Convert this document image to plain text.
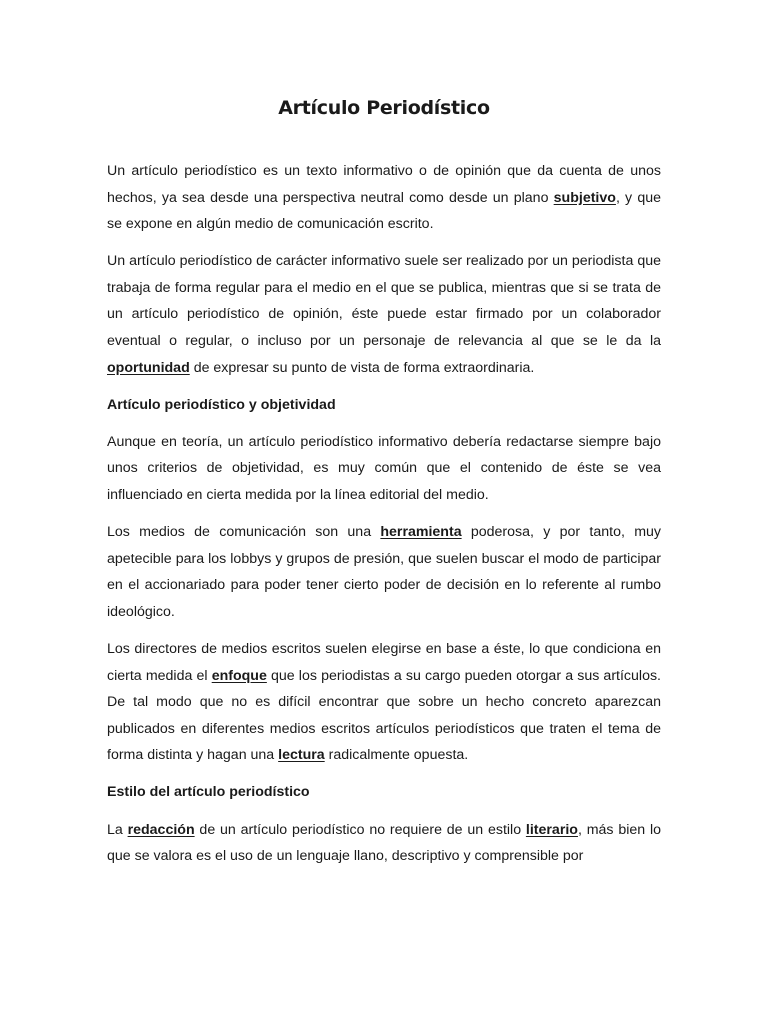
Artículo Periodístico

Un artículo periodístico es un texto informativo o de opinión que da cuenta de unos hechos, ya sea desde una perspectiva neutral como desde un plano subjetivo, y que se expone en algún medio de comunicación escrito.

Un artículo periodístico de carácter informativo suele ser realizado por un periodista que trabaja de forma regular para el medio en el que se publica, mientras que si se trata de un artículo periodístico de opinión, éste puede estar firmado por un colaborador eventual o regular, o incluso por un personaje de relevancia al que se le da la oportunidad de expresar su punto de vista de forma extraordinaria.

Artículo periodístico y objetividad

Aunque en teoría, un artículo periodístico informativo debería redactarse siempre bajo unos criterios de objetividad, es muy común que el contenido de éste se vea influenciado en cierta medida por la línea editorial del medio.

Los medios de comunicación son una herramienta poderosa, y por tanto, muy apetecible para los lobbys y grupos de presión, que suelen buscar el modo de participar en el accionariado para poder tener cierto poder de decisión en lo referente al rumbo ideológico.

Los directores de medios escritos suelen elegirse en base a éste, lo que condiciona en cierta medida el enfoque que los periodistas a su cargo pueden otorgar a sus artículos. De tal modo que no es difícil encontrar que sobre un hecho concreto aparezcan publicados en diferentes medios escritos artículos periodísticos que traten el tema de forma distinta y hagan una lectura radicalmente opuesta.

Estilo del artículo periodístico

La redacción de un artículo periodístico no requiere de un estilo literario, más bien lo que se valora es el uso de un lenguaje llano, descriptivo y comprensible por
